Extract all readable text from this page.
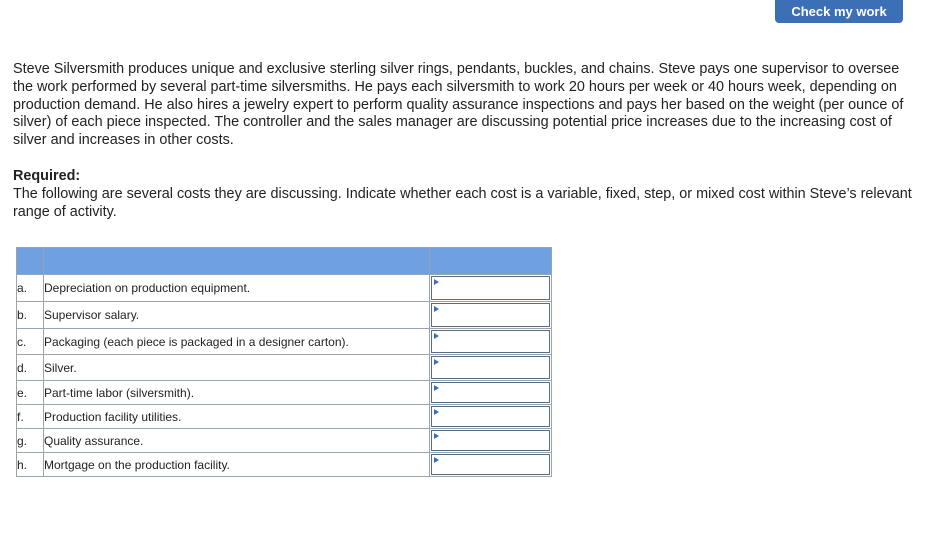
Check my work

Steve Silversmith produces unique and exclusive sterling silver rings, pendants, buckles, and chains. Steve pays one supervisor to oversee the work performed by several part-time silversmiths. He pays each silversmith to work 20 hours per week or 40 hours week, depending on production demand. He also hires a jewelry expert to perform quality assurance inspections and pays her based on the weight (per ounce of silver) of each piece inspected. The controller and the sales manager are discussing potential price increases due to the increasing cost of silver and increases in other costs.

Required:

The following are several costs they are discussing. Indicate whether each cost is a variable, fixed, step, or mixed cost within Steve’s relevant range of activity.

a.	Depreciation on production equipment.	

b.	Supervisor salary.	

c.	Packaging (each piece is packaged in a designer carton).	

d.	Silver.	

e.	Part-time labor (silversmith).	

f.	Production facility utilities.	

g.	Quality assurance.	

h.	Mortgage on the production facility.	
